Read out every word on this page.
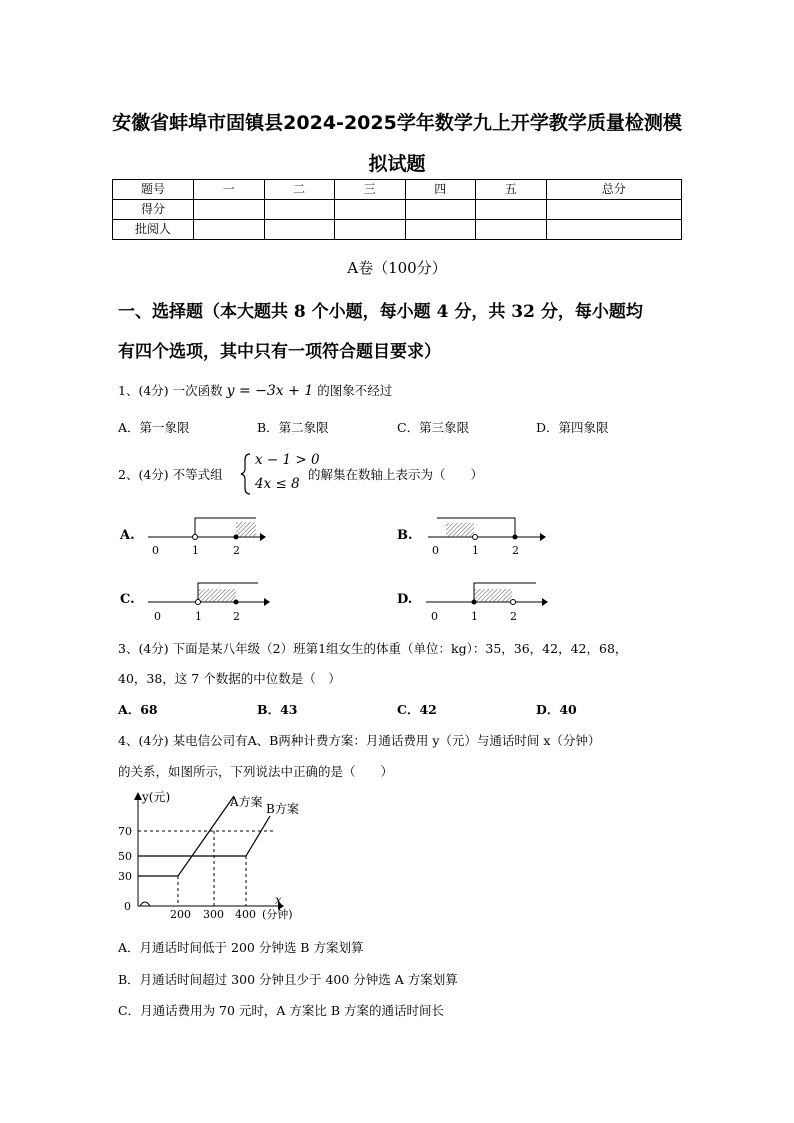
安徽省蚌埠市固镇县2024-2025学年数学九上开学教学质量检测模
拟试题
题号	一	二	三	四	五	总分
得分						
批阅人						
A卷（100分）
一、选择题（本大题共 8 个小题，每小题 4 分，共 32 分，每小题均
有四个选项，其中只有一项符合题目要求）
1、(4分) 一次函数 y = −3x + 1 的图象不经过
A．第一象限	B．第二象限	C．第三象限	D．第四象限
2、(4分) 不等式组
x − 1 > 0
4x ≤ 8
的解集在数轴上表示为（　　）
A.	B.
C.	D.
0	1	2	0	1	2
0	1	2	0	1	2
3、(4分) 下面是某八年级（2）班第1组女生的体重（单位：kg）：35，36，42，42，68，
40，38，这 7 个数据的中位数是（　）
A．68	B．43	C．42	D．40
4、(4分) 某电信公司有A、B两种计费方案：月通话费用 y（元）与通话时间 x（分钟）
的关系，如图所示，下列说法中正确的是（　　）
y(元)	A方案 B方案
70
50
30
0
200 300 400
x
(分钟)
A．月通话时间低于 200 分钟选 B 方案划算
B．月通话时间超过 300 分钟且少于 400 分钟选 A 方案划算
C．月通话费用为 70 元时，A 方案比 B 方案的通话时间长
